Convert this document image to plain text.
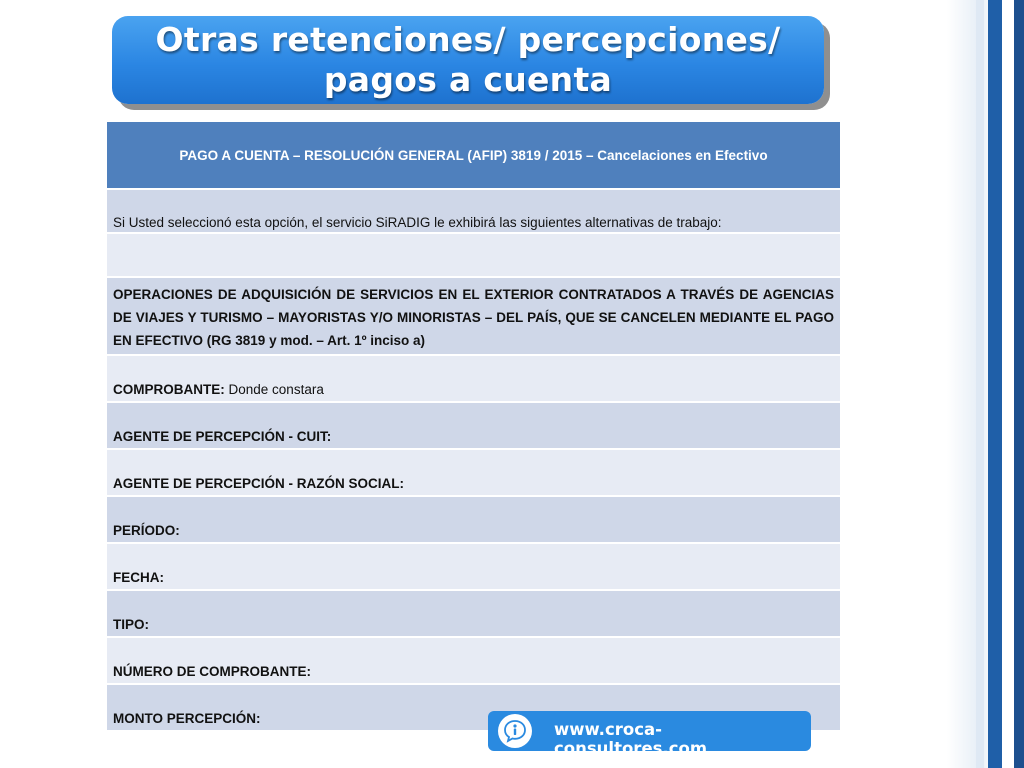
Otras retenciones/ percepciones/
pagos a cuenta
PAGO A CUENTA – RESOLUCIÓN GENERAL (AFIP) 3819 / 2015 – Cancelaciones en Efectivo
Si Usted seleccionó esta opción, el servicio SiRADIG le exhibirá las siguientes alternativas de trabajo:

OPERACIONES DE ADQUISICIÓN DE SERVICIOS EN EL EXTERIOR CONTRATADOS A TRAVÉS DE AGENCIAS DE VIAJES Y TURISMO – MAYORISTAS Y/O MINORISTAS – DEL PAÍS, QUE SE CANCELEN MEDIANTE EL PAGO EN EFECTIVO (RG 3819 y mod. – Art. 1º inciso a)
COMPROBANTE: Donde constara
AGENTE DE PERCEPCIÓN - CUIT:
AGENTE DE PERCEPCIÓN - RAZÓN SOCIAL:
PERÍODO:
FECHA:
TIPO:
NÚMERO DE COMPROBANTE:
MONTO PERCEPCIÓN:
www.croca-consultores.com
